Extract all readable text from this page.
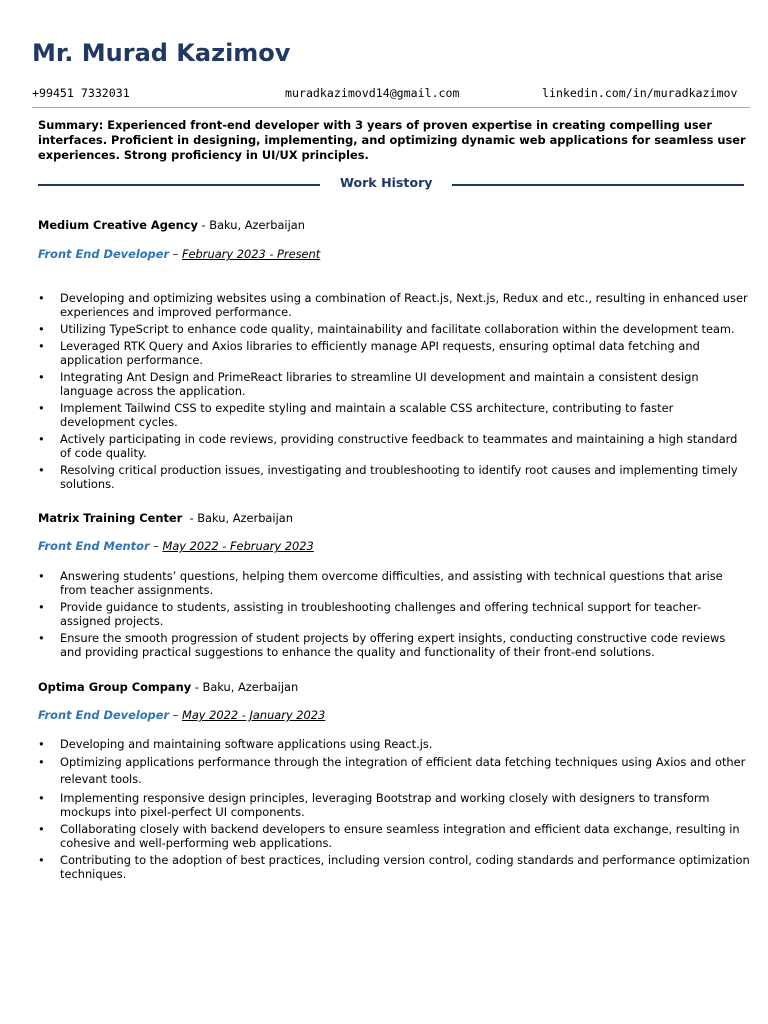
Mr. Murad Kazimov
+99451 7332031	muradkazimovd14@gmail.com	linkedin.com/in/muradkazimov

Summary: Experienced front-end developer with 3 years of proven expertise in creating compelling user interfaces. Proficient in designing, implementing, and optimizing dynamic web applications for seamless user experiences. Strong proficiency in UI/UX principles.

Work History
Medium Creative Agency - Baku, Azerbaijan
Front End Developer – February 2023 - Present
• Developing and optimizing websites using a combination of React.js, Next.js, Redux and etc., resulting in enhanced user experiences and improved performance.
• Utilizing TypeScript to enhance code quality, maintainability and facilitate collaboration within the development team.
• Leveraged RTK Query and Axios libraries to efficiently manage API requests, ensuring optimal data fetching and application performance.
• Integrating Ant Design and PrimeReact libraries to streamline UI development and maintain a consistent design language across the application.
• Implement Tailwind CSS to expedite styling and maintain a scalable CSS architecture, contributing to faster development cycles.
• Actively participating in code reviews, providing constructive feedback to teammates and maintaining a high standard of code quality.
• Resolving critical production issues, investigating and troubleshooting to identify root causes and implementing timely solutions.
Matrix Training Center  - Baku, Azerbaijan
Front End Mentor – May 2022 - February 2023
• Answering students’ questions, helping them overcome difficulties, and assisting with technical questions that arise from teacher assignments.
• Provide guidance to students, assisting in troubleshooting challenges and offering technical support for teacher-assigned projects.
• Ensure the smooth progression of student projects by offering expert insights, conducting constructive code reviews and providing practical suggestions to enhance the quality and functionality of their front-end solutions.
Optima Group Company - Baku, Azerbaijan
Front End Developer – May 2022 - January 2023
• Developing and maintaining software applications using React.js.
• Optimizing applications performance through the integration of efficient data fetching techniques using Axios and other relevant tools.
• Implementing responsive design principles, leveraging Bootstrap and working closely with designers to transform mockups into pixel-perfect UI components.
• Collaborating closely with backend developers to ensure seamless integration and efficient data exchange, resulting in cohesive and well-performing web applications.
• Contributing to the adoption of best practices, including version control, coding standards and performance optimization techniques.
